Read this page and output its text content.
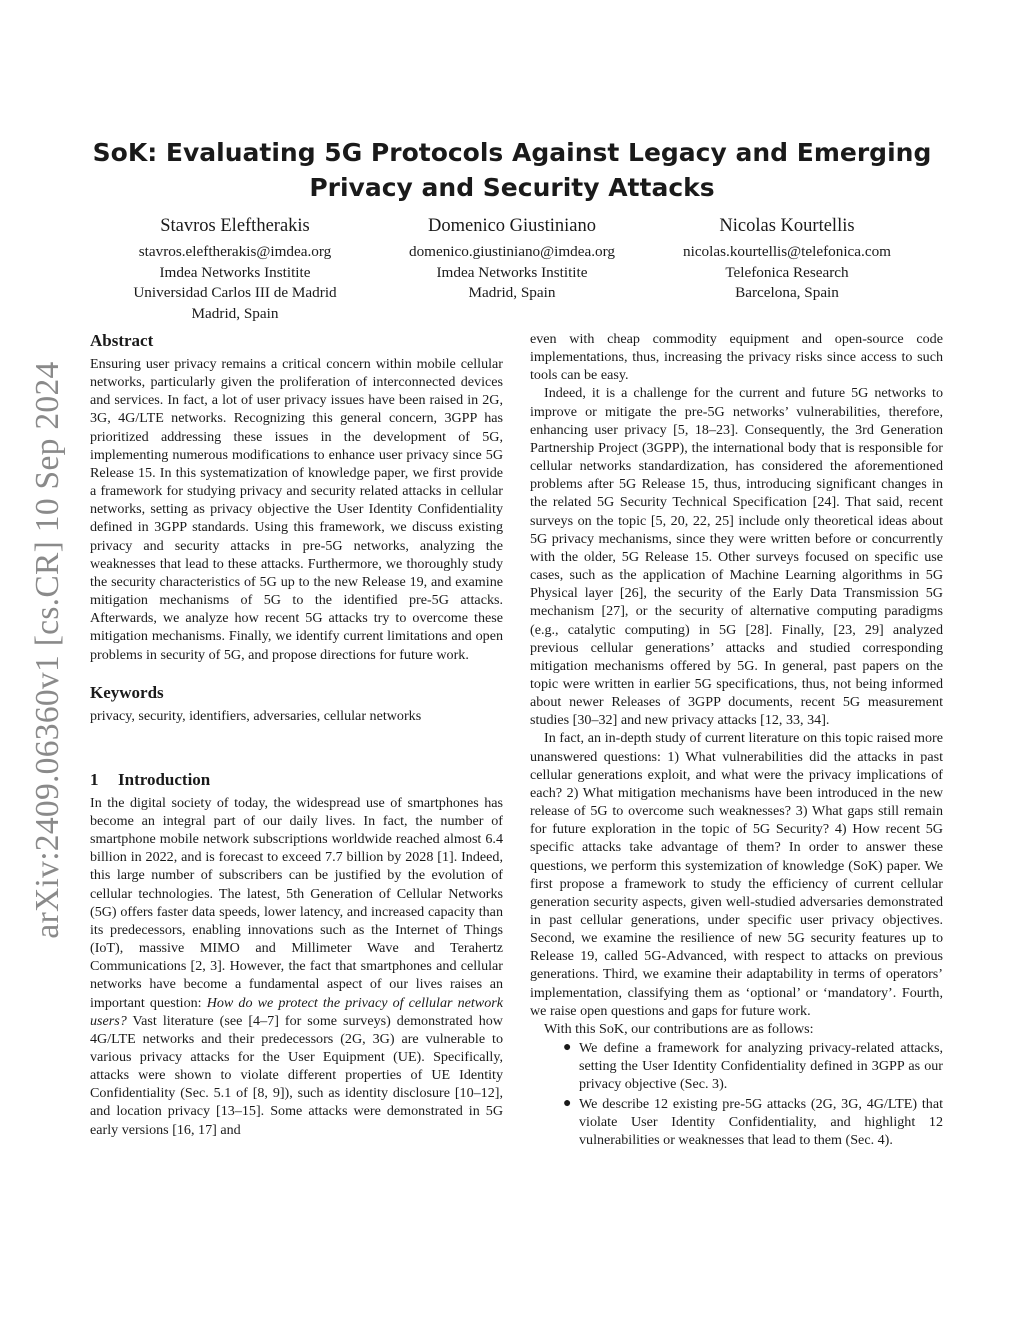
arXiv:2409.06360v1 [cs.CR] 10 Sep 2024
SoK: Evaluating 5G Protocols Against Legacy and Emerging
Privacy and Security Attacks
Stavros Eleftherakis
stavros.eleftherakis@imdea.org
Imdea Networks Institite
Universidad Carlos III de Madrid
Madrid, Spain
Domenico Giustiniano
domenico.giustiniano@imdea.org
Imdea Networks Institite
Madrid, Spain
Nicolas Kourtellis
nicolas.kourtellis@telefonica.com
Telefonica Research
Barcelona, Spain
Abstract

Ensuring user privacy remains a critical concern within mobile cellular networks, particularly given the proliferation of interconnected devices and services. In fact, a lot of user privacy issues have been raised in 2G, 3G, 4G/LTE networks. Recognizing this general concern, 3GPP has prioritized addressing these issues in the development of 5G, implementing numerous modifications to enhance user privacy since 5G Release 15. In this systematization of knowledge paper, we first provide a framework for studying privacy and security related attacks in cellular networks, setting as privacy objective the User Identity Confidentiality defined in 3GPP standards. Using this framework, we discuss existing privacy and security attacks in pre-5G networks, analyzing the weaknesses that lead to these attacks. Furthermore, we thoroughly study the security characteristics of 5G up to the new Release 19, and examine mitigation mechanisms of 5G to the identified pre-5G attacks. Afterwards, we analyze how recent 5G attacks try to overcome these mitigation mechanisms. Finally, we identify current limitations and open problems in security of 5G, and propose directions for future work.

Keywords

privacy, security, identifiers, adversaries, cellular networks

1 Introduction

In the digital society of today, the widespread use of smartphones has become an integral part of our daily lives. In fact, the number of smartphone mobile network subscriptions worldwide reached almost 6.4 billion in 2022, and is forecast to exceed 7.7 billion by 2028 [1]. Indeed, this large number of subscribers can be justified by the evolution of cellular technologies. The latest, 5th Generation of Cellular Networks (5G) offers faster data speeds, lower latency, and increased capacity than its predecessors, enabling innovations such as the Internet of Things (IoT), massive MIMO and Millimeter Wave and Terahertz Communications [2, 3]. However, the fact that smartphones and cellular networks have become a fundamental aspect of our lives raises an important question: How do we protect the privacy of cellular network users? Vast literature (see [4–7] for some surveys) demonstrated how 4G/LTE networks and their predecessors (2G, 3G) are vulnerable to various privacy attacks for the User Equipment (UE). Specifically, attacks were shown to violate different properties of UE Identity Confidentiality (Sec. 5.1 of [8, 9]), such as identity disclosure [10–12], and location privacy [13–15]. Some attacks were demonstrated in 5G early versions [16, 17] and

even with cheap commodity equipment and open-source code implementations, thus, increasing the privacy risks since access to such tools can be easy.

Indeed, it is a challenge for the current and future 5G networks to improve or mitigate the pre-5G networks’ vulnerabilities, therefore, enhancing user privacy [5, 18–23]. Consequently, the 3rd Generation Partnership Project (3GPP), the international body that is responsible for cellular networks standardization, has considered the aforementioned problems after 5G Release 15, thus, introducing significant changes in the related 5G Security Technical Specification [24]. That said, recent surveys on the topic [5, 20, 22, 25] include only theoretical ideas about 5G privacy mechanisms, since they were written before or concurrently with the older, 5G Release 15. Other surveys focused on specific use cases, such as the application of Machine Learning algorithms in 5G Physical layer [26], the security of the Early Data Transmission 5G mechanism [27], or the security of alternative computing paradigms (e.g., catalytic computing) in 5G [28]. Finally, [23, 29] analyzed previous cellular generations’ attacks and studied corresponding mitigation mechanisms offered by 5G. In general, past papers on the topic were written in earlier 5G specifications, thus, not being informed about newer Releases of 3GPP documents, recent 5G measurement studies [30–32] and new privacy attacks [12, 33, 34].

In fact, an in-depth study of current literature on this topic raised more unanswered questions: 1) What vulnerabilities did the attacks in past cellular generations exploit, and what were the privacy implications of each? 2) What mitigation mechanisms have been introduced in the new release of 5G to overcome such weaknesses? 3) What gaps still remain for future exploration in the topic of 5G Security? 4) How recent 5G specific attacks take advantage of them? In order to answer these questions, we perform this systemization of knowledge (SoK) paper. We first propose a framework to study the efficiency of current cellular generation security aspects, given well-studied adversaries demonstrated in past cellular generations, under specific user privacy objectives. Second, we examine the resilience of new 5G security features up to Release 19, called 5G-Advanced, with respect to attacks on previous generations. Third, we examine their adaptability in terms of operators’ implementation, classifying them as ‘optional’ or ‘mandatory’. Fourth, we raise open questions and gaps for future work.

With this SoK, our contributions are as follows:

● We define a framework for analyzing privacy-related attacks, setting the User Identity Confidentiality defined in 3GPP as our privacy objective (Sec. 3).
● We describe 12 existing pre-5G attacks (2G, 3G, 4G/LTE) that violate User Identity Confidentiality, and highlight 12 vulnerabilities or weaknesses that lead to them (Sec. 4).
